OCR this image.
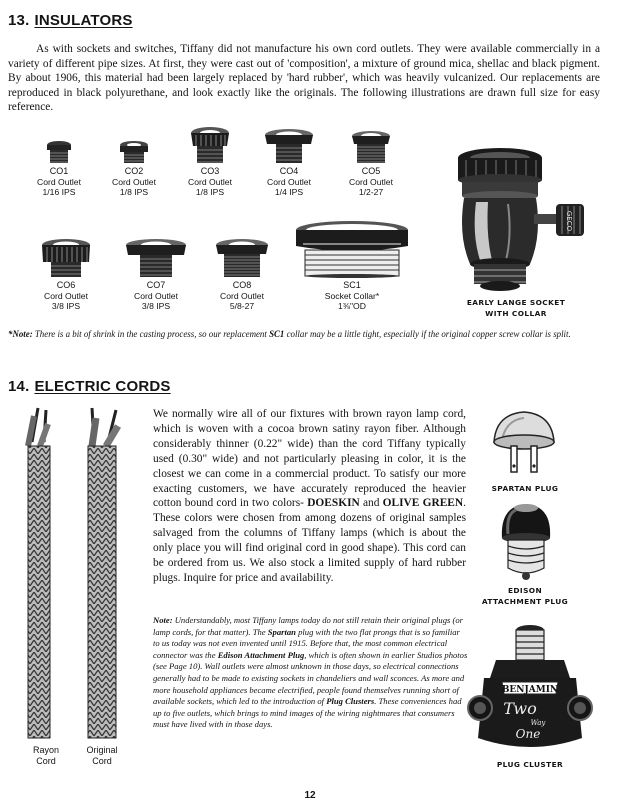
13. INSULATORS

As with sockets and switches, Tiffany did not manufacture his own cord outlets. They were available commercially in a variety of different pipe sizes. At first, they were cast out of 'composition', a mixture of ground mica, shellac and black pigment. By about 1906, this material had been largely replaced by 'hard rubber', which was heavily vulcanized. Our replacements are reproduced in black polyurethane, and look exactly like the originals. The following illustrations are drawn full size for easy reference.

CO1
Cord Outlet
1/16 IPS
CO2
Cord Outlet
1/8 IPS
CO3
Cord Outlet
1/8 IPS
CO4
Cord Outlet
1/4 IPS
CO5
Cord Outlet
1/2-27
GECO
CO6
Cord Outlet
3/8 IPS
CO7
Cord Outlet
3/8 IPS
CO8
Cord Outlet
5/8-27
SC1
Socket Collar*
1⅜"OD	EARLY LANGE SOCKET
WITH COLLAR

*Note: There is a bit of shrink in the casting process, so our replacement SC1 collar may be a little tight, especially if the original copper screw collar is split.

14. ELECTRIC CORDS
Rayon
Cord
Original
Cord

We normally wire all of our fixtures with brown rayon lamp cord, which is woven with a cocoa brown satiny rayon fiber. Although considerably thinner (0.22" wide) than the cord Tiffany typically used (0.30" wide) and not particularly pleasing in color, it is the closest we can come in a commercial product. To satisfy our more exacting customers, we have accurately reproduced the heavier cotton bound cord in two colors- DOESKIN and OLIVE GREEN. These colors were chosen from among dozens of original samples salvaged from the columns of Tiffany lamps (which is about the only place you will find original cord in good shape). This cord can be ordered from us. We also stock a limited supply of hard rubber plugs. Inquire for price and availability.

Note: Understandably, most Tiffany lamps today do not still retain their original plugs (or lamp cords, for that matter). The Spartan plug with the two flat prongs that is so familiar to us today was not even invented until 1915. Before that, the most common electrical connector was the Edison Attachment Plug, which is often shown in earlier Studios photos (see Page 10). Wall outlets were almost unknown in those days, so electrical connections generally had to be made to existing sockets in chandeliers and wall sconces. As more and more household appliances became electrified, people found themselves running short of available sockets, which led to the introduction of Plug Clusters. These conveniences had up to five outlets, which brings to mind images of the wiring nightmares that consumers must have lived with in those days.

SPARTAN PLUG
EDISON
ATTACHMENT PLUG
BENJAMIN
Two
Way
One
PLUG CLUSTER
12
